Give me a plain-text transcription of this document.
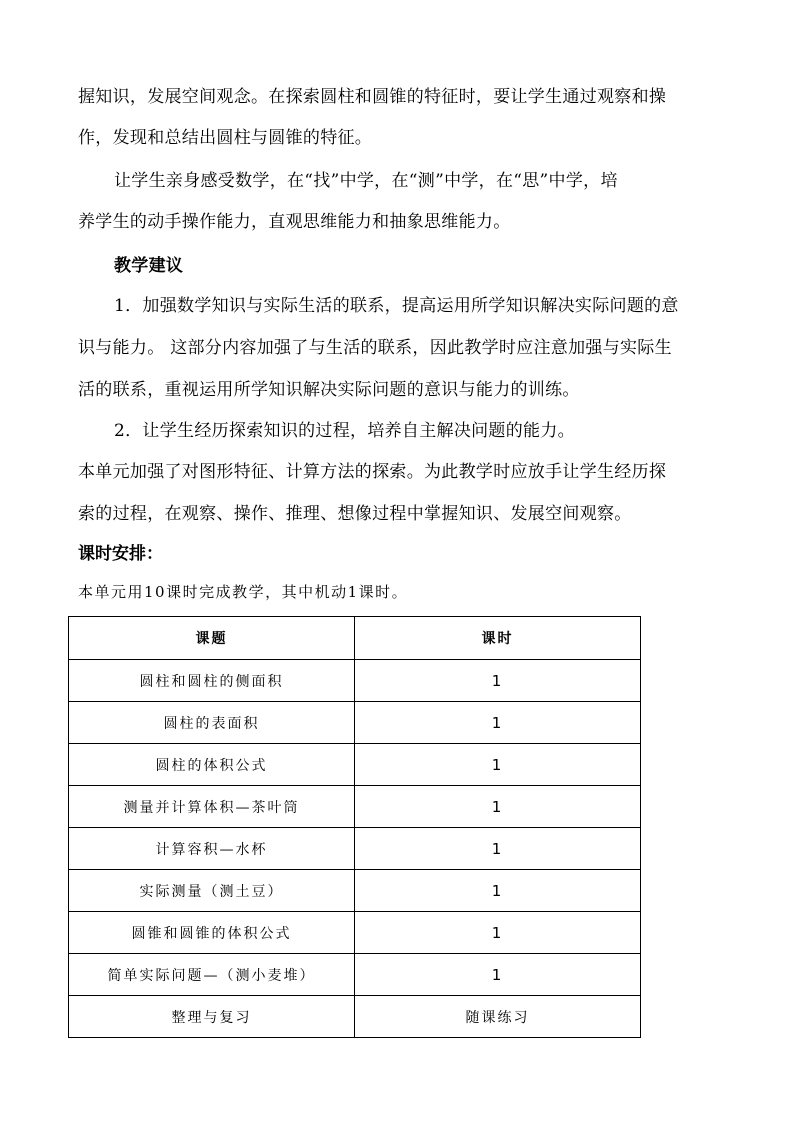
握知识，发展空间观念。在探索圆柱和圆锥的特征时，要让学生通过观察和操
作，发现和总结出圆柱与圆锥的特征。
让学生亲身感受数学，在“找”中学，在“测”中学，在“思”中学，培
养学生的动手操作能力，直观思维能力和抽象思维能力。
教学建议
1．加强数学知识与实际生活的联系，提高运用所学知识解决实际问题的意
识与能力。 这部分内容加强了与生活的联系，因此教学时应注意加强与实际生
活的联系，重视运用所学知识解决实际问题的意识与能力的训练。
2．让学生经历探索知识的过程，培养自主解决问题的能力。
本单元加强了对图形特征、计算方法的探索。为此教学时应放手让学生经历探
索的过程，在观察、操作、推理、想像过程中掌握知识、发展空间观察。
课时安排：
本单元用10课时完成教学，其中机动1课时。
课题	课时
圆柱和圆柱的侧面积	1
圆柱的表面积	1
圆柱的体积公式	1
测量并计算体积—茶叶筒	1
计算容积—水杯	1
实际测量（测土豆）	1
圆锥和圆锥的体积公式	1
简单实际问题—（测小麦堆）	1
整理与复习	随课练习
